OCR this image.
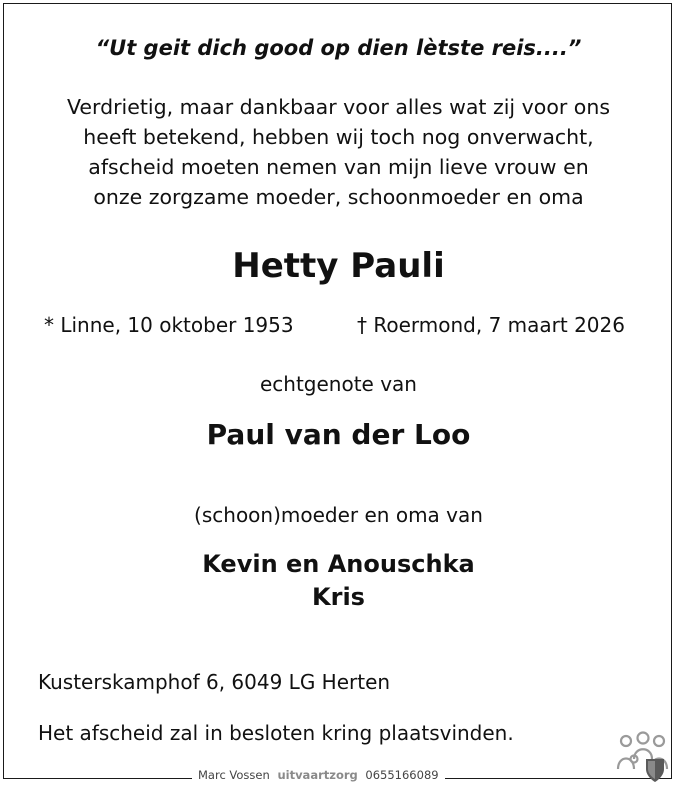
“Ut geit dich good op dien lètste reis....”
Verdrietig, maar dankbaar voor alles wat zij voor ons
heeft betekend, hebben wij toch nog onverwacht,
afscheid moeten nemen van mijn lieve vrouw en
onze zorgzame moeder, schoonmoeder en oma
Hetty Pauli
* Linne, 10 oktober 1953	† Roermond, 7 maart 2026
echtgenote van
Paul van der Loo
(schoon)moeder en oma van
Kevin en Anouschka
Kris
Kusterskamphof 6, 6049 LG Herten
Het afscheid zal in besloten kring plaatsvinden.
Marc Vossen uitvaartzorg 0655166089
